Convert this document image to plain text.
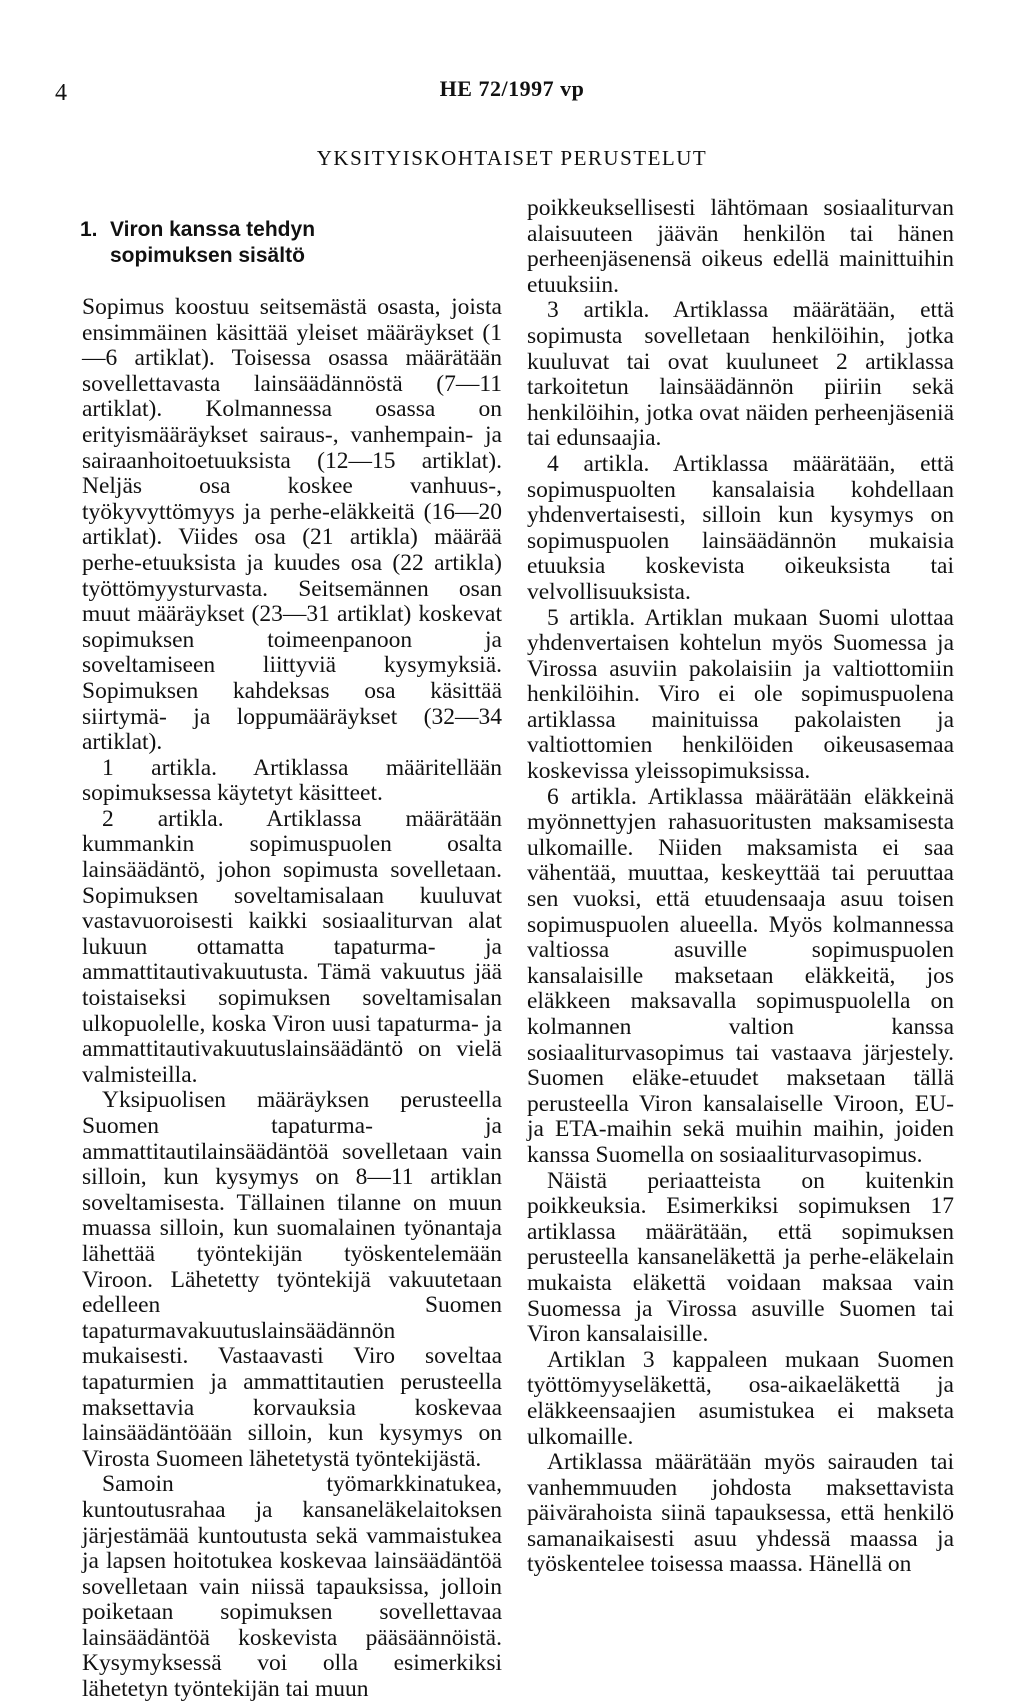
4	HE 72/1997 vp
YKSITYISKOHTAISET PERUSTELUT
1. Viron kanssa tehdyn sopimuksen sisältö

Sopimus koostuu seitsemästä osasta, joista ensimmäinen käsittää yleiset määräykset (1—6 artiklat). Toisessa osassa määrätään sovellettavasta lainsäädännöstä (7—11 artiklat). Kolmannessa osassa on erityismääräykset sairaus-, vanhempain- ja sairaanhoitoetuuksista (12—15 artiklat). Neljäs osa koskee vanhuus-, työkyvyttömyys ja perhe-eläkkeitä (16—20 artiklat). Viides osa (21 artikla) määrää perhe-etuuksista ja kuudes osa (22 artikla) työttömyysturvasta. Seitsemännen osan muut määräykset (23—31 artiklat) koskevat sopimuksen toimeenpanoon ja soveltamiseen liittyviä kysymyksiä. Sopimuksen kahdeksas osa käsittää siirtymä- ja loppumääräykset (32—34 artiklat).

1 artikla. Artiklassa määritellään sopimuksessa käytetyt käsitteet.

2 artikla. Artiklassa määrätään kummankin sopimuspuolen osalta lainsäädäntö, johon sopimusta sovelletaan. Sopimuksen soveltamisalaan kuuluvat vastavuoroisesti kaikki sosiaaliturvan alat lukuun ottamatta tapaturma- ja ammattitautivakuutusta. Tämä vakuutus jää toistaiseksi sopimuksen soveltamisalan ulkopuolelle, koska Viron uusi tapaturma- ja ammattitautivakuutuslainsäädäntö on vielä valmisteilla.

Yksipuolisen määräyksen perusteella Suomen tapaturma- ja ammattitautilainsäädäntöä sovelletaan vain silloin, kun kysymys on 8—11 artiklan soveltamisesta. Tällainen tilanne on muun muassa silloin, kun suomalainen työnantaja lähettää työntekijän työskentelemään Viroon. Lähetetty työntekijä vakuutetaan edelleen Suomen tapaturmavakuutuslainsäädännön mukaisesti. Vastaavasti Viro soveltaa tapaturmien ja ammattitautien perusteella maksettavia korvauksia koskevaa lainsäädäntöään silloin, kun kysymys on Virosta Suomeen lähetetystä työntekijästä.

Samoin työmarkkinatukea, kuntoutusrahaa ja kansaneläkelaitoksen järjestämää kuntoutusta sekä vammaistukea ja lapsen hoitotukea koskevaa lainsäädäntöä sovelletaan vain niissä tapauksissa, jolloin poiketaan sopimuksen sovellettavaa lainsäädäntöä koskevista pääsäännöistä. Kysymyksessä voi olla esimerkiksi lähetetyn työntekijän tai muun

poikkeuksellisesti lähtömaan sosiaaliturvan alaisuuteen jäävän henkilön tai hänen perheenjäsenensä oikeus edellä mainittuihin etuuksiin.

3 artikla. Artiklassa määrätään, että sopimusta sovelletaan henkilöihin, jotka kuuluvat tai ovat kuuluneet 2 artiklassa tarkoitetun lainsäädännön piiriin sekä henkilöihin, jotka ovat näiden perheenjäseniä tai edunsaajia.

4 artikla. Artiklassa määrätään, että sopimuspuolten kansalaisia kohdellaan yhdenvertaisesti, silloin kun kysymys on sopimuspuolen lainsäädännön mukaisia etuuksia koskevista oikeuksista tai velvollisuuksista.

5 artikla. Artiklan mukaan Suomi ulottaa yhdenvertaisen kohtelun myös Suomessa ja Virossa asuviin pakolaisiin ja valtiottomiin henkilöihin. Viro ei ole sopimuspuolena artiklassa mainituissa pakolaisten ja valtiottomien henkilöiden oikeusasemaa koskevissa yleissopimuksissa.

6 artikla. Artiklassa määrätään eläkkeinä myönnettyjen rahasuoritusten maksamisesta ulkomaille. Niiden maksamista ei saa vähentää, muuttaa, keskeyttää tai peruuttaa sen vuoksi, että etuudensaaja asuu toisen sopimuspuolen alueella. Myös kolmannessa valtiossa asuville sopimuspuolen kansalaisille maksetaan eläkkeitä, jos eläkkeen maksavalla sopimuspuolella on kolmannen valtion kanssa sosiaaliturvasopimus tai vastaava järjestely. Suomen eläke-etuudet maksetaan tällä perusteella Viron kansalaiselle Viroon, EU- ja ETA-maihin sekä muihin maihin, joiden kanssa Suomella on sosiaaliturvasopimus.

Näistä periaatteista on kuitenkin poikkeuksia. Esimerkiksi sopimuksen 17 artiklassa määrätään, että sopimuksen perusteella kansaneläkettä ja perhe-eläkelain mukaista eläkettä voidaan maksaa vain Suomessa ja Virossa asuville Suomen tai Viron kansalaisille.

Artiklan 3 kappaleen mukaan Suomen työttömyyseläkettä, osa-aikaeläkettä ja eläkkeensaajien asumistukea ei makseta ulkomaille.

Artiklassa määrätään myös sairauden tai vanhemmuuden johdosta maksettavista päivärahoista siinä tapauksessa, että henkilö samanaikaisesti asuu yhdessä maassa ja työskentelee toisessa maassa. Hänellä on
